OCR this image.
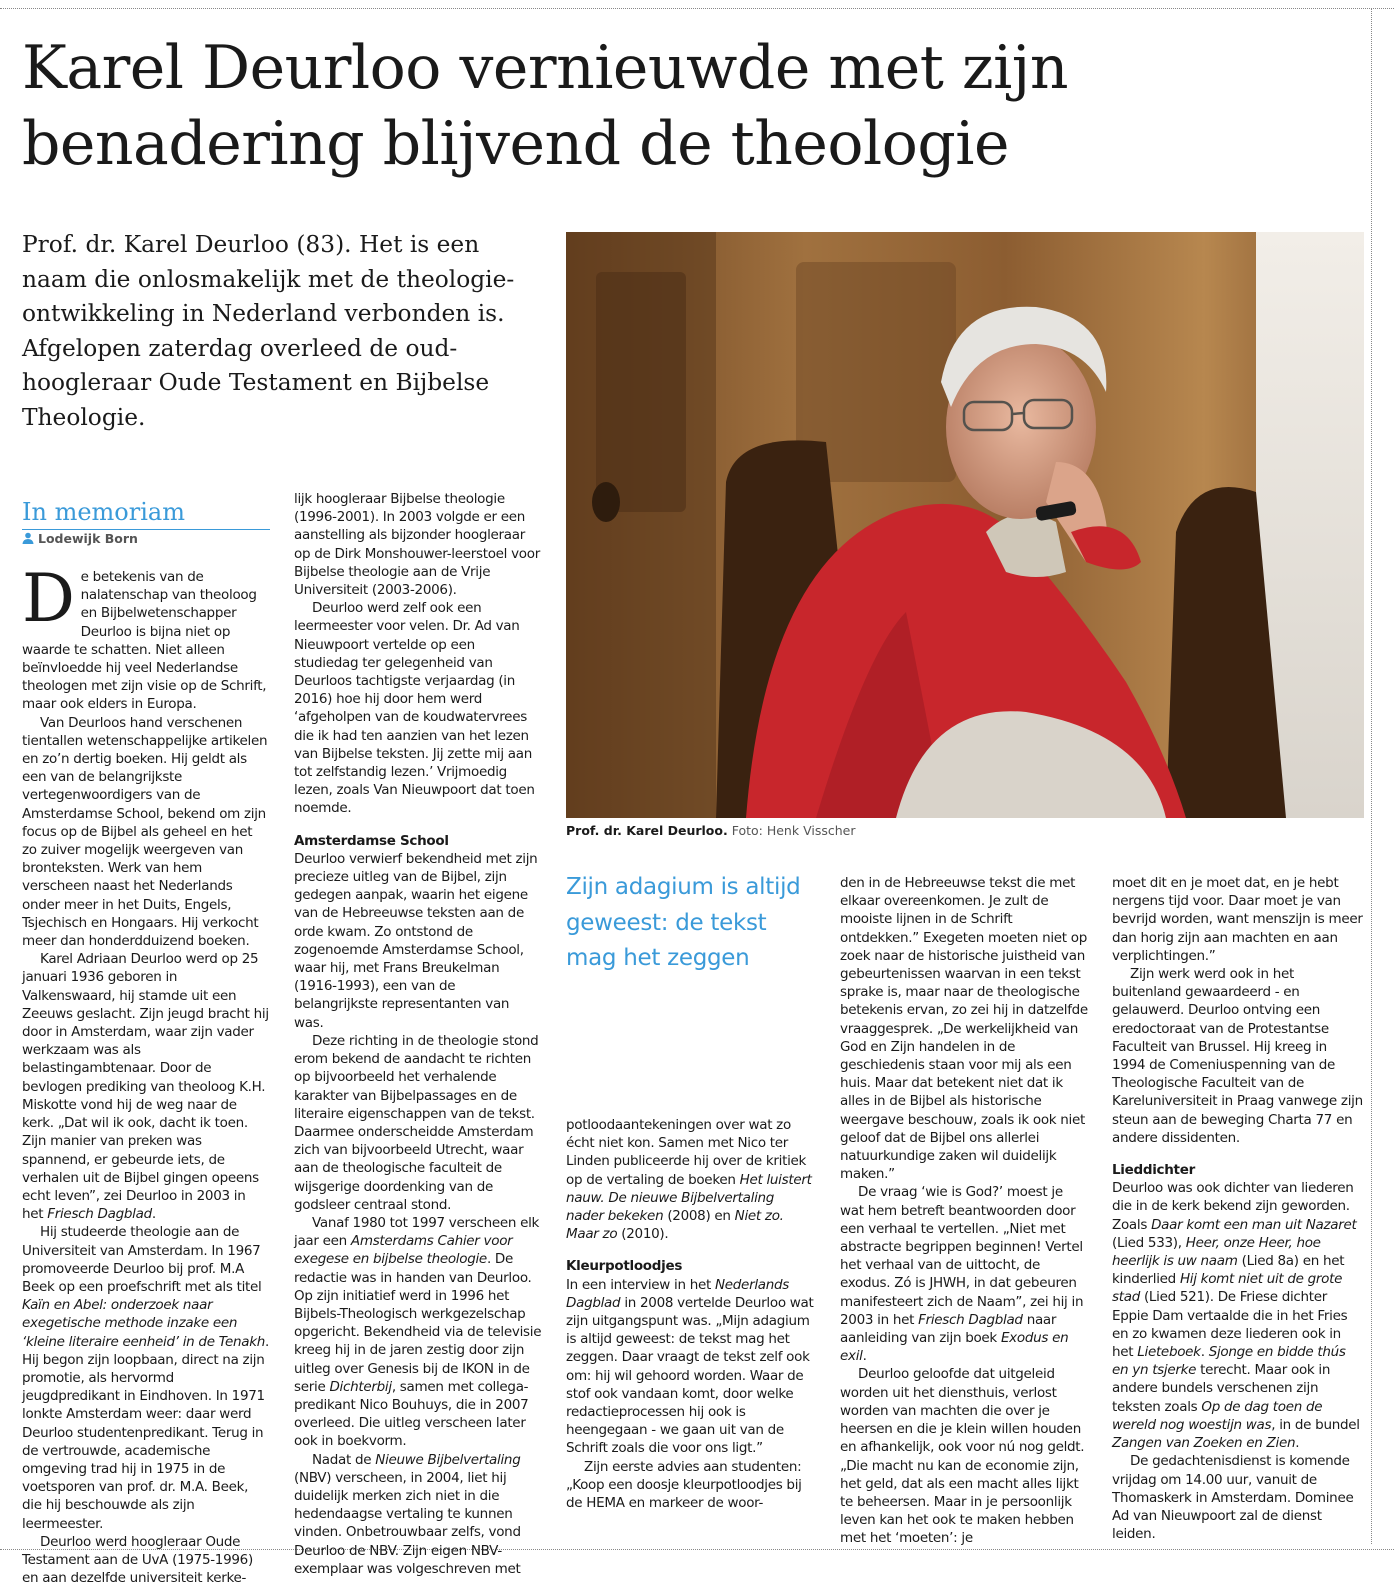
Karel Deurloo vernieuwde met zijn benadering blijvend de theologie

Prof. dr. Karel Deurloo (83). Het is een naam die onlosmakelijk met de theologie-ontwikkeling in Nederland verbonden is. Afgelopen zaterdag overleed de oud-hoogleraar Oude Testament en Bijbelse Theologie.

Prof. dr. Karel Deurloo. Foto: Henk Visscher

In memoriam

Lodewijk Born

De betekenis van de nalatenschap van theoloog en Bijbelwetenschapper Deurloo is bijna niet op waarde te schatten. Niet alleen beïnvloedde hij veel Nederlandse theologen met zijn visie op de Schrift, maar ook elders in Europa.

Van Deurloos hand verschenen tientallen wetenschappelijke artikelen en zo’n dertig boeken. Hij geldt als een van de belangrijkste vertegenwoordigers van de Amsterdamse School, bekend om zijn focus op de Bijbel als geheel en het zo zuiver mogelijk weergeven van bronteksten. Werk van hem verscheen naast het Nederlands onder meer in het Duits, Engels, Tsjechisch en Hongaars. Hij verkocht meer dan honderdduizend boeken.

Karel Adriaan Deurloo werd op 25 januari 1936 geboren in Valkenswaard, hij stamde uit een Zeeuws geslacht. Zijn jeugd bracht hij door in Amsterdam, waar zijn vader werkzaam was als belastingambtenaar. Door de bevlogen prediking van theoloog K.H. Miskotte vond hij de weg naar de kerk. „Dat wil ik ook, dacht ik toen. Zijn manier van preken was spannend, er gebeurde iets, de verhalen uit de Bijbel gingen opeens echt leven”, zei Deurloo in 2003 in het Friesch Dagblad.

Hij studeerde theologie aan de Universiteit van Amsterdam. In 1967 promoveerde Deurloo bij prof. M.A Beek op een proefschrift met als titel Kaïn en Abel: onderzoek naar exegetische methode inzake een ‘kleine literaire eenheid’ in de Tenakh. Hij begon zijn loopbaan, direct na zijn promotie, als hervormd jeugdpredikant in Eindhoven. In 1971 lonkte Amsterdam weer: daar werd Deurloo studentenpredikant. Terug in de vertrouwde, academische omgeving trad hij in 1975 in de voetsporen van prof. dr. M.A. Beek, die hij beschouwde als zijn leermeester.

Deurloo werd hoogleraar Oude Testament aan de UvA (1975-1996) en aan dezelfde universiteit kerke-

lijk hoogleraar Bijbelse theologie (1996-2001). In 2003 volgde er een aanstelling als bijzonder hoogleraar op de Dirk Monshouwer-leerstoel voor Bijbelse theologie aan de Vrije Universiteit (2003-2006).

Deurloo werd zelf ook een leermeester voor velen. Dr. Ad van Nieuwpoort vertelde op een studiedag ter gelegenheid van Deurloos tachtigste verjaardag (in 2016) hoe hij door hem werd ‘afgeholpen van de koudwatervrees die ik had ten aanzien van het lezen van Bijbelse teksten. Jij zette mij aan tot zelfstandig lezen.’ Vrijmoedig lezen, zoals Van Nieuwpoort dat toen noemde.

Amsterdamse School

Deurloo verwierf bekendheid met zijn precieze uitleg van de Bijbel, zijn gedegen aanpak, waarin het eigene van de Hebreeuwse teksten aan de orde kwam. Zo ontstond de zogenoemde Amsterdamse School, waar hij, met Frans Breukelman (1916-1993), een van de belangrijkste representanten van was.

Deze richting in de theologie stond erom bekend de aandacht te richten op bijvoorbeeld het verhalende karakter van Bijbelpassages en de literaire eigenschappen van de tekst. Daarmee onderscheidde Amsterdam zich van bijvoorbeeld Utrecht, waar aan de theologische faculteit de wijsgerige doordenking van de godsleer centraal stond.

Vanaf 1980 tot 1997 verscheen elk jaar een Amsterdams Cahier voor exegese en bijbelse theologie. De redactie was in handen van Deurloo. Op zijn initiatief werd in 1996 het Bijbels-Theologisch werkgezelschap opgericht. Bekendheid via de televisie kreeg hij in de jaren zestig door zijn uitleg over Genesis bij de IKON in de serie Dichterbij, samen met collega-predikant Nico Bouhuys, die in 2007 overleed. Die uitleg verscheen later ook in boekvorm.

Nadat de Nieuwe Bijbelvertaling (NBV) verscheen, in 2004, liet hij duidelijk merken zich niet in die hedendaagse vertaling te kunnen vinden. Onbetrouwbaar zelfs, vond Deurloo de NBV. Zijn eigen NBV-exemplaar was volgeschreven met

Zijn adagium is altijd geweest: de tekst mag het zeggen

potloodaantekeningen over wat zo écht niet kon. Samen met Nico ter Linden publiceerde hij over de kritiek op de vertaling de boeken Het luistert nauw. De nieuwe Bijbelvertaling nader bekeken (2008) en Niet zo. Maar zo (2010).

Kleurpotloodjes

In een interview in het Nederlands Dagblad in 2008 vertelde Deurloo wat zijn uitgangspunt was. „Mijn adagium is altijd geweest: de tekst mag het zeggen. Daar vraagt de tekst zelf ook om: hij wil gehoord worden. Waar de stof ook vandaan komt, door welke redactieprocessen hij ook is heengegaan - we gaan uit van de Schrift zoals die voor ons ligt.”

Zijn eerste advies aan studenten: „Koop een doosje kleurpotloodjes bij de HEMA en markeer de woor-

den in de Hebreeuwse tekst die met elkaar overeenkomen. Je zult de mooiste lijnen in de Schrift ontdekken.” Exegeten moeten niet op zoek naar de historische juistheid van gebeurtenissen waarvan in een tekst sprake is, maar naar de theologische betekenis ervan, zo zei hij in datzelfde vraaggesprek. „De werkelijkheid van God en Zijn handelen in de geschiedenis staan voor mij als een huis. Maar dat betekent niet dat ik alles in de Bijbel als historische weergave beschouw, zoals ik ook niet geloof dat de Bijbel ons allerlei natuurkundige zaken wil duidelijk maken.”

De vraag ‘wie is God?’ moest je wat hem betreft beantwoorden door een verhaal te vertellen. „Niet met abstracte begrippen beginnen! Vertel het verhaal van de uittocht, de exodus. Zó is JHWH, in dat gebeuren manifesteert zich de Naam”, zei hij in 2003 in het Friesch Dagblad naar aanleiding van zijn boek Exodus en exil.

Deurloo geloofde dat uitgeleid worden uit het diensthuis, verlost worden van machten die over je heersen en die je klein willen houden en afhankelijk, ook voor nú nog geldt. „Die macht nu kan de economie zijn, het geld, dat als een macht alles lijkt te beheersen. Maar in je persoonlijk leven kan het ook te maken hebben met het ‘moeten’: je

moet dit en je moet dat, en je hebt nergens tijd voor. Daar moet je van bevrijd worden, want menszijn is meer dan horig zijn aan machten en aan verplichtingen.”

Zijn werk werd ook in het buitenland gewaardeerd - en gelauwerd. Deurloo ontving een eredoctoraat van de Protestantse Faculteit van Brussel. Hij kreeg in 1994 de Comeniuspenning van de Theologische Faculteit van de Kareluniversiteit in Praag vanwege zijn steun aan de beweging Charta 77 en andere dissidenten.

Lieddichter

Deurloo was ook dichter van liederen die in de kerk bekend zijn geworden. Zoals Daar komt een man uit Nazaret (Lied 533), Heer, onze Heer, hoe heerlijk is uw naam (Lied 8a) en het kinderlied Hij komt niet uit de grote stad (Lied 521). De Friese dichter Eppie Dam vertaalde die in het Fries en zo kwamen deze liederen ook in het Lieteboek. Sjonge en bidde thús en yn tsjerke terecht. Maar ook in andere bundels verschenen zijn teksten zoals Op de dag toen de wereld nog woestijn was, in de bundel Zangen van Zoeken en Zien.

De gedachtenisdienst is komende vrijdag om 14.00 uur, vanuit de Thomaskerk in Amsterdam. Dominee Ad van Nieuwpoort zal de dienst leiden.
